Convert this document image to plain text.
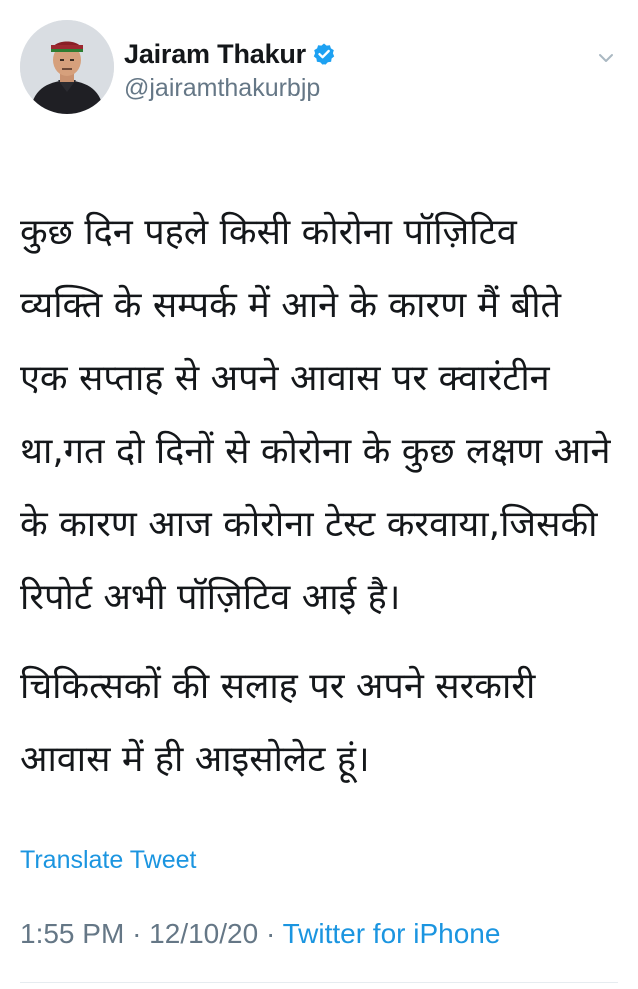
Jairam Thakur
@jairamthakurbjp

कुछ दिन पहले किसी कोरोना पॉज़िटिव
व्यक्ति के सम्पर्क में आने के कारण मैं बीते
एक सप्ताह से अपने आवास पर क्वारंटीन
था,गत दो दिनों से कोरोना के कुछ लक्षण आने
के कारण आज कोरोना टेस्ट करवाया,जिसकी
रिपोर्ट अभी पॉज़िटिव आई है।

चिकित्सकों की सलाह पर अपने सरकारी
आवास में ही आइसोलेट हूं।

Translate Tweet
1:55 PM · 12/10/20 · Twitter for iPhone
